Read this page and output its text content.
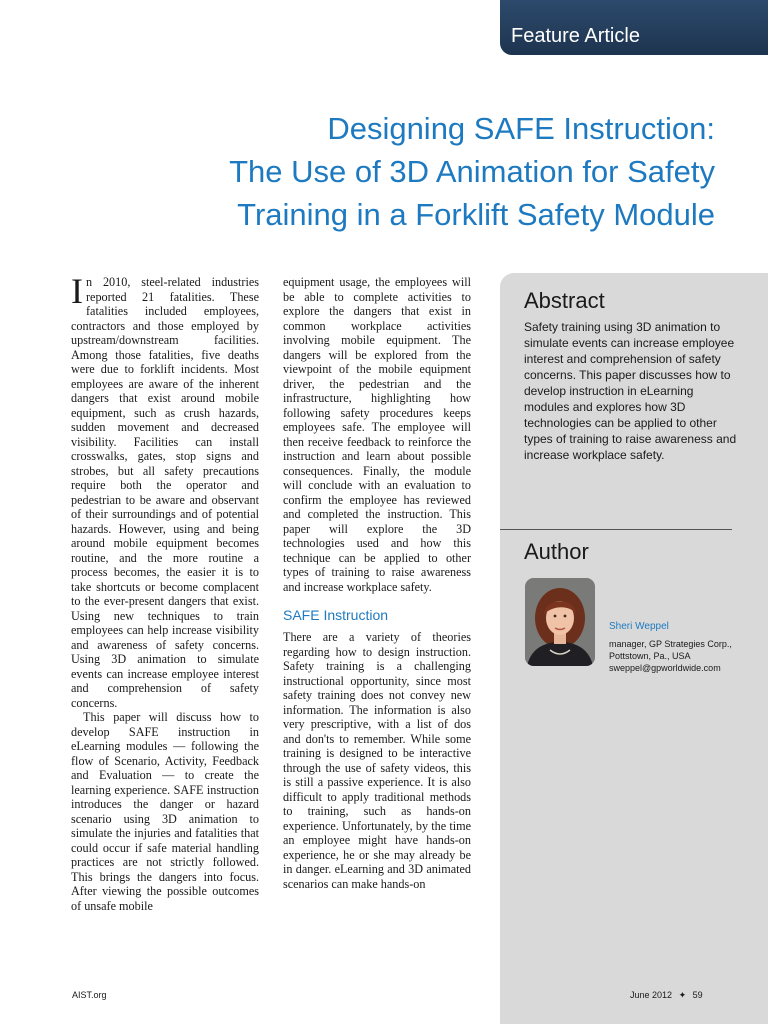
Feature Article
Designing SAFE Instruction:
The Use of 3D Animation for Safety
Training in a Forklift Safety Module

In 2010, steel-related industries reported 21 fatalities. These fatalities included employees, contractors and those employed by upstream/downstream facilities. Among those fatalities, five deaths were due to forklift incidents. Most employees are aware of the inherent dangers that exist around mobile equipment, such as crush hazards, sudden movement and decreased visibility. Facilities can install crosswalks, gates, stop signs and strobes, but all safety precautions require both the operator and pedestrian to be aware and observant of their surroundings and of potential hazards. However, using and being around mobile equipment becomes routine, and the more routine a process becomes, the easier it is to take shortcuts or become complacent to the ever-present dangers that exist. Using new techniques to train employees can help increase visibility and awareness of safety concerns. Using 3D animation to simulate events can increase employee interest and comprehension of safety concerns.

This paper will discuss how to develop SAFE instruction in eLearning modules — following the flow of Scenario, Activity, Feedback and Evaluation — to create the learning experience. SAFE instruction introduces the danger or hazard scenario using 3D animation to simulate the injuries and fatalities that could occur if safe material handling practices are not strictly followed. This brings the dangers into focus. After viewing the possible outcomes of unsafe mobile

equipment usage, the employees will be able to complete activities to explore the dangers that exist in common workplace activities involving mobile equipment. The dangers will be explored from the viewpoint of the mobile equipment driver, the pedestrian and the infrastructure, highlighting how following safety procedures keeps employees safe. The employee will then receive feedback to reinforce the instruction and learn about possible consequences. Finally, the module will conclude with an evaluation to confirm the employee has reviewed and completed the instruction. This paper will explore the 3D technologies used and how this technique can be applied to other types of training to raise awareness and increase workplace safety.

SAFE Instruction

There are a variety of theories regarding how to design instruction. Safety training is a challenging instructional opportunity, since most safety training does not convey new information. The information is also very prescriptive, with a list of dos and don'ts to remember. While some training is designed to be interactive through the use of safety videos, this is still a passive experience. It is also difficult to apply traditional methods to training, such as hands-on experience. Unfortunately, by the time an employee might have hands-on experience, he or she may already be in danger. eLearning and 3D animated scenarios can make hands-on

Abstract
Safety training using 3D animation to simulate events can increase employee interest and comprehension of safety concerns. This paper discusses how to develop instruction in eLearning modules and explores how 3D technologies can be applied to other types of training to raise awareness and increase workplace safety.
Author
Sheri Weppel
manager, GP Strategies Corp.,
Pottstown, Pa., USA
sweppel@gpworldwide.com
AIST.org	June 2012 ✦ 59
